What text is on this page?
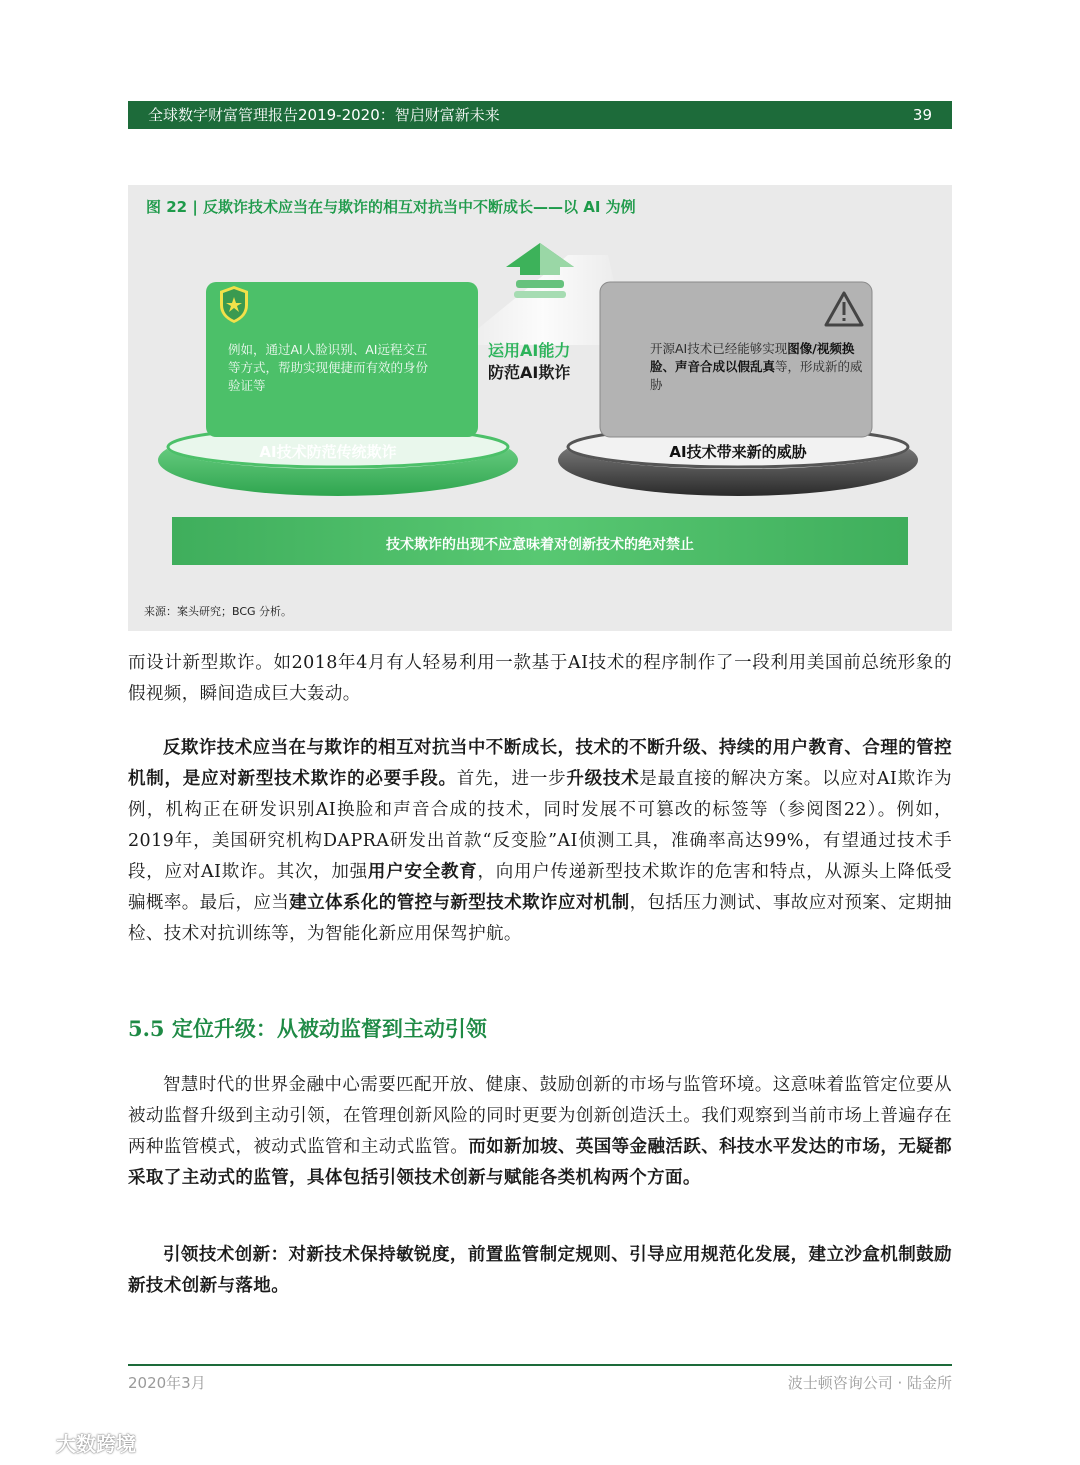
全球数字财富管理报告2019-2020：智启财富新未来	39
图 22 | 反欺诈技术应当在与欺诈的相互对抗当中不断成长——以 AI 为例
例如，通过AI人脸识别、AI远程交互等方式，帮助实现便捷而有效的身份验证等
AI技术防范传统欺诈
运用AI能力
防范AI欺诈
开源AI技术已经能够实现图像/视频换脸、声音合成以假乱真等，形成新的威胁
AI技术带来新的威胁
技术欺诈的出现不应意味着对创新技术的绝对禁止
来源：案头研究；BCG 分析。
而设计新型欺诈。如2018年4月有人轻易利用一款基于AI技术的程序制作了一段利用美国前总统形象的假视频，瞬间造成巨大轰动。
反欺诈技术应当在与欺诈的相互对抗当中不断成长，技术的不断升级、持续的用户教育、合理的管控机制，是应对新型技术欺诈的必要手段。首先，进一步升级技术是最直接的解决方案。以应对AI欺诈为例，机构正在研发识别AI换脸和声音合成的技术，同时发展不可篡改的标签等（参阅图22）。例如，2019年，美国研究机构DAPRA研发出首款“反变脸”AI侦测工具，准确率高达99%，有望通过技术手段，应对AI欺诈。其次，加强用户安全教育，向用户传递新型技术欺诈的危害和特点，从源头上降低受骗概率。最后，应当建立体系化的管控与新型技术欺诈应对机制，包括压力测试、事故应对预案、定期抽检、技术对抗训练等，为智能化新应用保驾护航。
5.5 定位升级：从被动监督到主动引领
智慧时代的世界金融中心需要匹配开放、健康、鼓励创新的市场与监管环境。这意味着监管定位要从被动监督升级到主动引领，在管理创新风险的同时更要为创新创造沃土。我们观察到当前市场上普遍存在两种监管模式，被动式监管和主动式监管。而如新加坡、英国等金融活跃、科技水平发达的市场，无疑都采取了主动式的监管，具体包括引领技术创新与赋能各类机构两个方面。
引领技术创新：对新技术保持敏锐度，前置监管制定规则、引导应用规范化发展，建立沙盒机制鼓励新技术创新与落地。
2020年3月	波士顿咨询公司 · 陆金所
大数跨境
